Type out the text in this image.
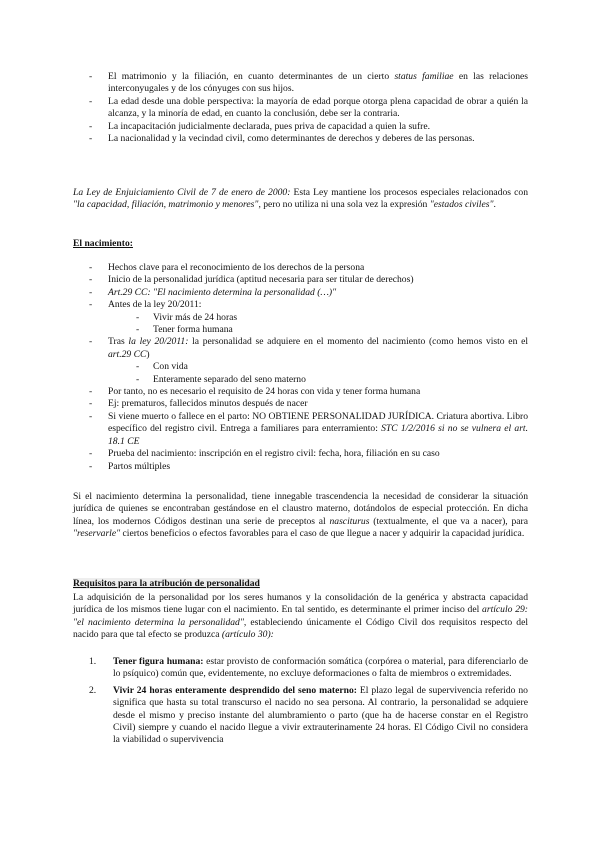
- El matrimonio y la filiación, en cuanto determinantes de un cierto status familiae en las relaciones interconyugales y de los cónyuges con sus hijos.
- La edad desde una doble perspectiva: la mayoría de edad porque otorga plena capacidad de obrar a quién la alcanza, y la minoría de edad, en cuanto la conclusión, debe ser la contraria.
- La incapacitación judicialmente declarada, pues priva de capacidad a quien la sufre.
- La nacionalidad y la vecindad civil, como determinantes de derechos y deberes de las personas.

La Ley de Enjuiciamiento Civil de 7 de enero de 2000: Esta Ley mantiene los procesos especiales relacionados con "la capacidad, filiación, matrimonio y menores", pero no utiliza ni una sola vez la expresión "estados civiles".

El nacimiento:

- Hechos clave para el reconocimiento de los derechos de la persona
- Inicio de la personalidad jurídica (aptitud necesaria para ser titular de derechos)
- Art.29 CC: "El nacimiento determina la personalidad (…)"
- Antes de la ley 20/2011:
- Vivir más de 24 horas
- Tener forma humana
- Tras la ley 20/2011: la personalidad se adquiere en el momento del nacimiento (como hemos visto en el art.29 CC)
- Con vida
- Enteramente separado del seno materno
- Por tanto, no es necesario el requisito de 24 horas con vida y tener forma humana
- Ej: prematuros, fallecidos minutos después de nacer
- Si viene muerto o fallece en el parto: NO OBTIENE PERSONALIDAD JURÍDICA. Criatura abortiva. Libro específico del registro civil. Entrega a familiares para enterramiento: STC 1/2/2016 si no se vulnera el art. 18.1 CE
- Prueba del nacimiento: inscripción en el registro civil: fecha, hora, filiación en su caso
- Partos múltiples

Si el nacimiento determina la personalidad, tiene innegable trascendencia la necesidad de considerar la situación jurídica de quienes se encontraban gestándose en el claustro materno, dotándolos de especial protección. En dicha línea, los modernos Códigos destinan una serie de preceptos al nasciturus (textualmente, el que va a nacer), para "reservarle" ciertos beneficios o efectos favorables para el caso de que llegue a nacer y adquirir la capacidad jurídica.

Requisitos para la atribución de personalidad

La adquisición de la personalidad por los seres humanos y la consolidación de la genérica y abstracta capacidad jurídica de los mismos tiene lugar con el nacimiento. En tal sentido, es determinante el primer inciso del artículo 29: "el nacimiento determina la personalidad", estableciendo únicamente el Código Civil dos requisitos respecto del nacido para que tal efecto se produzca (artículo 30):

1. Tener figura humana: estar provisto de conformación somática (corpórea o material, para diferenciarlo de lo psíquico) común que, evidentemente, no excluye deformaciones o falta de miembros o extremidades.
2. Vivir 24 horas enteramente desprendido del seno materno: El plazo legal de supervivencia referido no significa que hasta su total transcurso el nacido no sea persona. Al contrario, la personalidad se adquiere desde el mismo y preciso instante del alumbramiento o parto (que ha de hacerse constar en el Registro Civil) siempre y cuando el nacido llegue a vivir extrauterinamente 24 horas. El Código Civil no considera la viabilidad o supervivencia
